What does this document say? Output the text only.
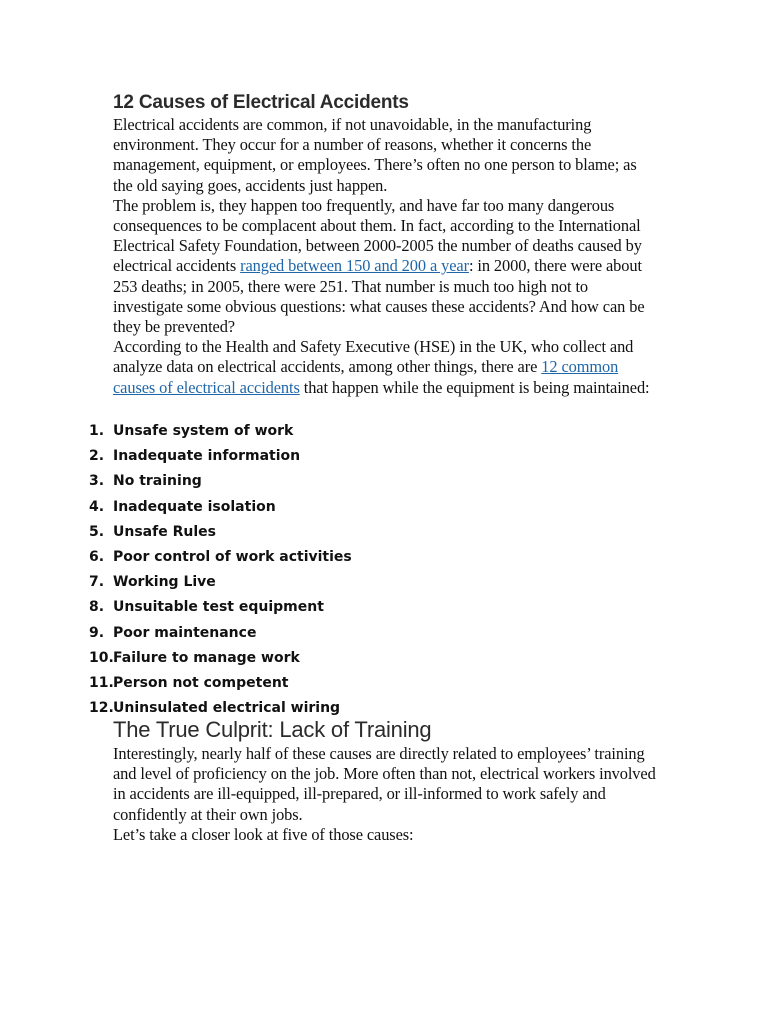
12 Causes of Electrical Accidents

Electrical accidents are common, if not unavoidable, in the manufacturing environment. They occur for a number of reasons, whether it concerns the management, equipment, or employees. There’s often no one person to blame; as the old saying goes, accidents just happen.

The problem is, they happen too frequently, and have far too many dangerous consequences to be complacent about them. In fact, according to the International Electrical Safety Foundation, between 2000-2005 the number of deaths caused by electrical accidents ranged between 150 and 200 a year: in 2000, there were about 253 deaths; in 2005, there were 251. That number is much too high not to investigate some obvious questions: what causes these accidents? And how can be they be prevented?

According to the Health and Safety Executive (HSE) in the UK, who collect and analyze data on electrical accidents, among other things, there are 12 common causes of electrical accidents that happen while the equipment is being maintained:

1. Unsafe system of work
2. Inadequate information
3. No training
4. Inadequate isolation
5. Unsafe Rules
6. Poor control of work activities
7. Working Live
8. Unsuitable test equipment
9. Poor maintenance
10. Failure to manage work
11. Person not competent
12. Uninsulated electrical wiring
The True Culprit: Lack of Training

Interestingly, nearly half of these causes are directly related to employees’ training and level of proficiency on the job. More often than not, electrical workers involved in accidents are ill-equipped, ill-prepared, or ill-informed to work safely and confidently at their own jobs.

Let’s take a closer look at five of those causes:
